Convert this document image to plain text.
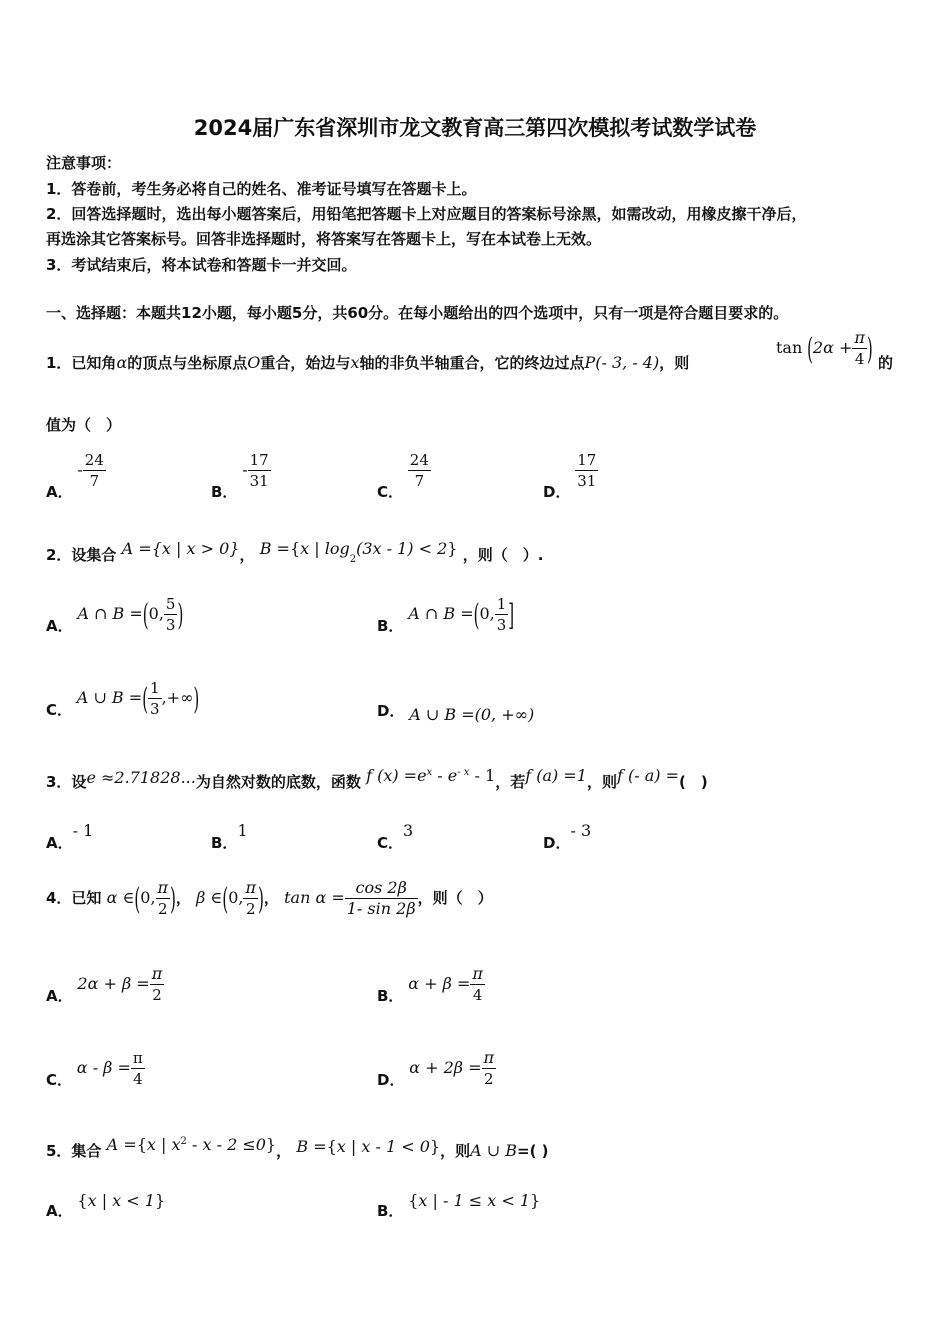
2024届广东省深圳市龙文教育高三第四次模拟考试数学试卷
注意事项：
1．答卷前，考生务必将自己的姓名、准考证号填写在答题卡上。
2．回答选择题时，选出每小题答案后，用铅笔把答题卡上对应题目的答案标号涂黑，如需改动，用橡皮擦干净后，
再选涂其它答案标号。回答非选择题时，将答案写在答题卡上，写在本试卷上无效。
3．考试结束后，将本试卷和答题卡一并交回。
一、选择题：本题共12小题，每小题5分，共60分。在每小题给出的四个选项中，只有一项是符合题目要求的。
1．已知角α的顶点与坐标原点O重合，始边与x轴的非负半轴重合，它的终边过点P(- 3, - 4)，则
$\tan (2\alpha + \frac{\pi}{4}$ ) 的
值为（　）
A． - $\frac{24}{7}$
B． - $\frac{17}{31}$
C．
$\frac{24}{7}$
D．
$\frac{17}{31}$
2．设集合 A ={x | x > 0}， B ={x | $\log_2(3x - 1) < 2$} ，则（　）.
A． A ∩ B =(0, $\frac{5}{3}$ )	B． A ∩ B =(0, $\frac{1}{3}$ ]
C． A ∪ B =( $\frac{1}{3}$ ,+∞)	D． A ∪ B =(0, +∞)
3．设e ≈2.71828...为自然对数的底数，函数 f $(x) =e^x - e^{- x} - 1$，若f (a) =1，则f (- a) =(　)
A．- 1
B．1
C．3
D．- 3
4．已知 α ∈(0, $\frac{\pi}{2}$ )， β ∈(0, $\frac{\pi}{2}$ )， $\tan \alpha = \frac{\cos 2\beta}{1- \sin 2\beta}$ ，则（　）
A． $2\alpha + \beta = \frac{\pi}{2}$	B． $\alpha + \beta = \frac{\pi}{4}$
C． $\alpha - \beta = \frac{\pi}{4}$	D． $\alpha + 2\beta = \frac{\pi}{2}$
5．集合 A ={x | $x^2 - x - 2 \le 0$}， B ={x | x - 1 < 0}，则A ∪ B=( )
A． {x | x < 1}
B． {x | - 1 ≤ x < 1}
